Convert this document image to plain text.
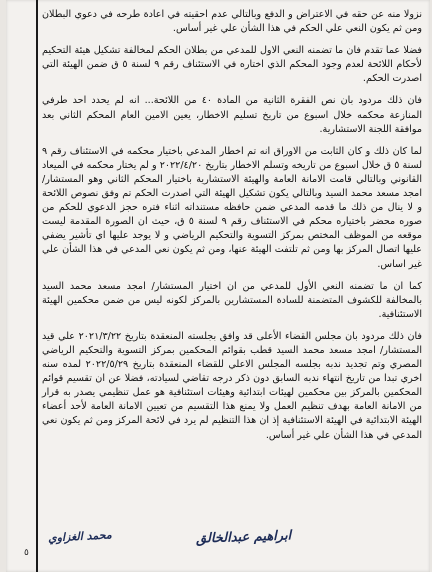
نزولا منه عن حقه في الاعتراض و الدفع وبالتالي عدم احقيته في اعادة طرحه في دعوي البطلان ومن ثم يكون النعي علي الحكم في هذا الشأن علي غير أساس.

فضلا عما تقدم فان ما تضمنه النعي الاول للمدعي من بطلان الحكم لمخالفة تشكيل هيئة التحكيم لأحكام اللائحة لعدم وجود المحكم الذي اختاره في الاستئناف رقم ٩ لسنة ٥ ق ضمن الهيئة التي اصدرت الحكم.

فان ذلك مردود بان نص الفقرة الثانية من المادة ٤٠ من اللائحة... انه لم يحدد احد طرفي المنازعة محكمه خلال اسبوع من تاريخ تسليم الاخطار، يعين الامين العام المحكم الثاني بعد موافقة اللجنة الاستشارية.

لما كان ذلك و كان الثابت من الاوراق انه تم اخطار المدعي باختيار محكمه في الاستئناف رقم ٩ لسنة ٥ ق خلال اسبوع من تاريخه وتسلم الاخطار بتاريخ ٢٠٢٢/٤/٢٠ و لم يختار محكمه في الميعاد القانوني وبالتالي قامت الامانة العامة والهيئة الاستشارية باختيار المحكم الثاني وهو المستشار/ امجد مسعد محمد السيد وبالتالي يكون تشكيل الهيئة التي اصدرت الحكم تم وفق نصوص اللائحة و لا ينال من ذلك ما قدمه المدعي ضمن حافظه مستنداته اثناء فتره حجز الدعوي للحكم من صوره محضر باختياره محكم في الاستئناف رقم ٩ لسنة ٥ ق، حيث ان الصورة المقدمة ليست موقعه من الموظف المختص بمركز التسوية والتحكيم الرياضي و لا يوجد عليها اي تأشير يضفي عليها اتصال المركز بها ومن ثم تلتفت الهيئة عنها، ومن ثم يكون نعي المدعي في هذا الشأن علي غير اساس.

كما ان ما تضمنه النعي الأول للمدعي من ان اختيار المستشار/ امجد مسعد محمد السيد بالمخالفة للكشوف المتضمنة للسادة المستشارين بالمركز لكونه ليس من ضمن محكمين الهيئة الاستئنافية.

فان ذلك مردود بان مجلس القضاء الأعلى قد وافق بجلسته المنعقدة بتاريخ ٢٠٢١/٣/٢٢ علي قيد المستشار/ امجد مسعد محمد السيد قطب بقوائم المحكمين بمركز التسوية والتحكيم الرياضي المصري وتم تجديد ندبه بجلسه المجلس الاعلي للقضاء المنعقدة بتاريخ ٢٠٢٢/٥/٢٩ لمده سنه اخري تبدا من تاريخ انتهاء ندبه السابق دون ذكر درجه تقاضي لسيادته، فضلا عن ان تقسيم قوائم المحكمين بالمركز بين محكمين لهيئات ابتدائية وهيئات استئنافية هو عمل تنظيمي يصدر به قرار من الامانة العامة بهدف تنظيم العمل ولا يمنع هذا التقسيم من تعيين الامانة العامة لأحد أعضاء الهيئة الابتدائية في الهيئة الاستئنافية إذ ان هذا التنظيم لم يرد في لائحة المركز ومن ثم يكون نعي المدعي في هذا الشأن علي غير أساس.

محمد الغزاوي	ابراهيم عبدالخالق
٥
